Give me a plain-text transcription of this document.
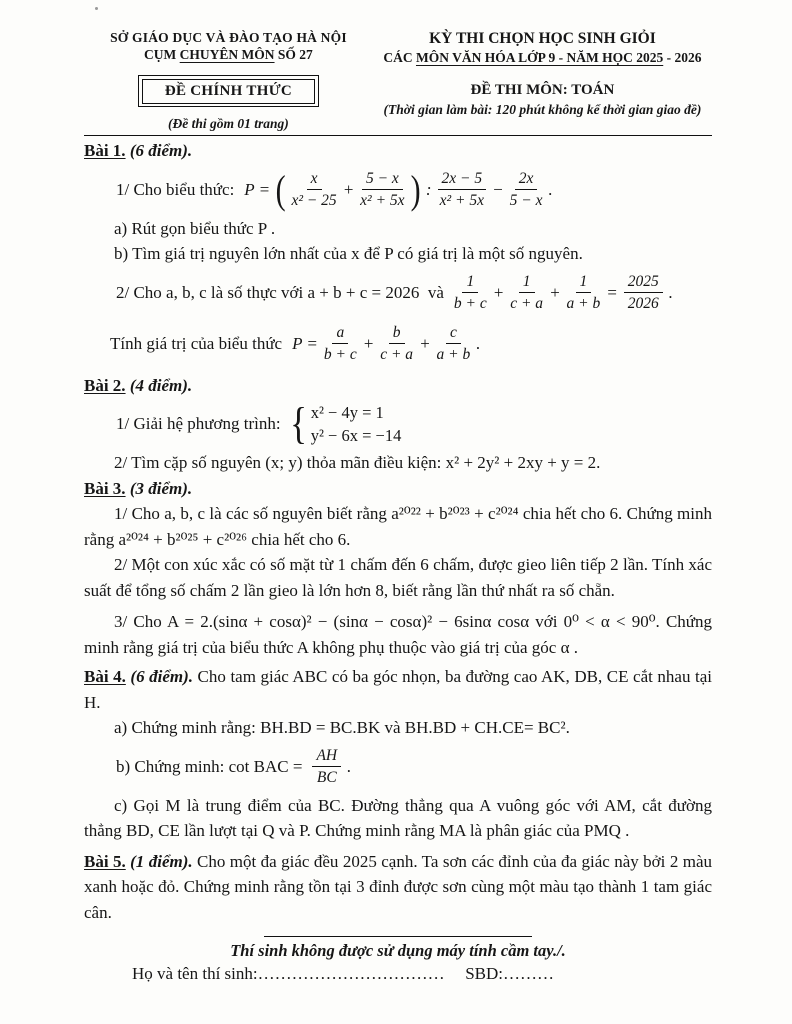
SỞ GIÁO DỤC VÀ ĐÀO TẠO HÀ NỘI
CỤM CHUYÊN MÔN SỐ 27
ĐỀ CHÍNH THỨC
(Đề thi gồm 01 trang)
KỲ THI CHỌN HỌC SINH GIỎI
CÁC MÔN VĂN HÓA LỚP 9 - NĂM HỌC 2025 - 2026
ĐỀ THI MÔN: TOÁN
(Thời gian làm bài: 120 phút không kể thời gian giao đề)

Bài 1. (6 điểm).

1/ Cho biểu thức: P = ( $\frac{x}{\text{x² − 25}} + \frac{5 - x}{\text{x² + 5x}}$ ) : $\frac{2x - 5}{\text{x² + 5x}} - \frac{2x}{5 - x}$ .

a) Rút gọn biểu thức P .

b) Tìm giá trị nguyên lớn nhất của x để P có giá trị là một số nguyên.

2/ Cho a, b, c là số thực với a + b + c = 2026  và $\frac{1}{b + c} + \frac{1}{c + a} + \frac{1}{a + b} = \frac{2025}{2026}$ .
Tính giá trị của biểu thức $P = \frac{a}{b + c} + \frac{b}{c + a} + \frac{c}{a + b}$ .

Bài 2. (4 điểm).

1/ Giải hệ phương trình: { x² − 4y = 1
y² − 6x = −14

2/ Tìm cặp số nguyên (x; y) thỏa mãn điều kiện: x² + 2y² + 2xy + y = 2.

Bài 3. (3 điểm).

1/ Cho a, b, c là các số nguyên biết rằng a²⁰²² + b²⁰²³ + c²⁰²⁴ chia hết cho 6. Chứng minh rằng a²⁰²⁴ + b²⁰²⁵ + c²⁰²⁶ chia hết cho 6.

2/ Một con xúc xắc có số mặt từ 1 chấm đến 6 chấm, được gieo liên tiếp 2 lần. Tính xác suất để tổng số chấm 2 lần gieo là lớn hơn 8, biết rằng lần thứ nhất ra số chẵn.

3/ Cho A = 2.(sinα + cosα)² − (sinα − cosα)² − 6sinα cosα với 0⁰ < α < 90⁰. Chứng minh rằng giá trị của biểu thức A không phụ thuộc vào giá trị của góc α .

Bài 4. (6 điểm). Cho tam giác ABC có ba góc nhọn, ba đường cao AK, DB, CE cắt nhau tại H.

a) Chứng minh rằng: BH.BD = BC.BK và BH.BD + CH.CE= BC².

b) Chứng minh: cot BAC = $\frac{AH}{BC}$ .

c) Gọi M là trung điểm của BC. Đường thẳng qua A vuông góc với AM, cắt đường thẳng BD, CE lần lượt tại Q và P. Chứng minh rằng MA là phân giác của PMQ .

Bài 5. (1 điểm). Cho một đa giác đều 2025 cạnh. Ta sơn các đỉnh của đa giác này bởi 2 màu xanh hoặc đỏ. Chứng minh rằng tồn tại 3 đỉnh được sơn cùng một màu tạo thành 1 tam giác cân.

Thí sinh không được sử dụng máy tính cầm tay./.

Họ và tên thí sinh:…………………………… SBD:………
